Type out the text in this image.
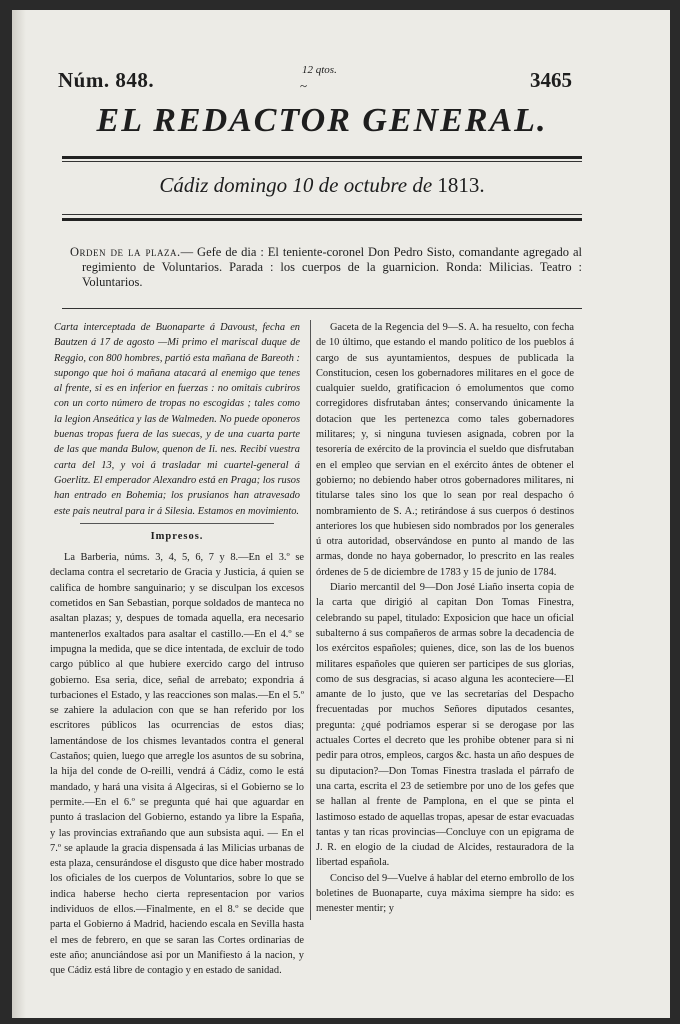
Núm. 848.	12 qtos.
~	3465
EL REDACTOR GENERAL.
Cádiz domingo 10 de octubre de 1813.
Orden de la plaza.— Gefe de dia : El teniente-coronel Don Pedro Sisto, comandante agregado al regimiento de Voluntarios. Parada : los cuerpos de la guarnicion. Ronda: Milicias. Teatro : Voluntarios.

Carta interceptada de Buonaparte á Davoust, fecha en Bautzen á 17 de agosto —Mi primo el mariscal duque de Reggio, con 800 hombres, partió esta mañana de Bareoth : supongo que hoi ó mañana atacará al enemigo que tenes al frente, si es en inferior en fuerzas : no omitais cubriros con un corto número de tropas no escogidas ; tales como la legion Anseática y las de Walmeden. No puede oponeros buenas tropas fuera de las suecas, y de una cuarta parte de las que manda Bulow, quenon de Ii. nes. Recibí vuestra carta del 13, y voi á trasladar mi cuartel-general á Goerlitz. El emperador Alexandro está en Praga; los rusos han entrado en Bohemia; los prusianos han atravesado este pais neutral para ir á Silesia. Estamos en movimiento.

Impresos.

La Barberia, núms. 3, 4, 5, 6, 7 y 8.—En el 3.º se declama contra el secretario de Gracia y Justicia, á quien se califica de hombre sanguinario; y se disculpan los excesos cometidos en San Sebastian, porque soldados de manteca no asaltan plazas; y, despues de tomada aquella, era necesario mantenerlos exaltados para asaltar el castillo.—En el 4.º se impugna la medida, que se dice intentada, de excluir de todo cargo público al que hubiere exercido cargo del intruso gobierno. Esa seria, dice, señal de arrebato; expondria á turbaciones el Estado, y las reacciones son malas.—En el 5.º se zahiere la adulacion con que se han referido por los escritores públicos las ocurrencias de estos dias; lamentándose de los chismes levantados contra el general Castaños; quien, luego que arregle los asuntos de su sobrina, la hija del conde de O-reilli, vendrá á Cádiz, como le está mandado, y hará una visita á Algeciras, si el Gobierno se lo permite.—En el 6.º se pregunta qué hai que aguardar en punto á traslacion del Gobierno, estando ya libre la España, y las provincias extrañando que aun subsista aqui. — En el 7.º se aplaude la gracia dispensada á las Milicias urbanas de esta plaza, censurándose el disgusto que dice haber mostrado los oficiales de los cuerpos de Voluntarios, sobre lo que se indica haberse hecho cierta representacion por varios individuos de ellos.—Finalmente, en el 8.º se decide que parta el Gobierno á Madrid, haciendo escala en Sevilla hasta el mes de febrero, en que se saran las Cortes ordinarias de este año; anunciándose asi por un Manifiesto á la nacion, y que Cádiz está libre de contagio y en estado de sanidad.

Gaceta de la Regencia del 9—S. A. ha resuelto, con fecha de 10 último, que estando el mando político de los pueblos á cargo de sus ayuntamientos, despues de publicada la Constitucion, cesen los gobernadores militares en el goce de cualquier sueldo, gratificacion ó emolumentos que como corregidores disfrutaban ántes; conservando únicamente la dotacion que les pertenezca como tales gobernadores militares; y, si ninguna tuviesen asignada, cobren por la tesorería de exército de la provincia el sueldo que disfrutaban en el empleo que servian en el exército ántes de obtener el gobierno; no debiendo haber otros gobernadores militares, ni titularse tales sino los que lo sean por real despacho ó nombramiento de S. A.; retirándose á sus cuerpos ó destinos anteriores los que hubiesen sido nombrados por los generales ú otra autoridad, observándose en punto al mando de las armas, donde no haya gobernador, lo prescrito en las reales órdenes de 5 de diciembre de 1783 y 15 de junio de 1784.

Diario mercantil del 9—Don José Liaño inserta copia de la carta que dirigió al capitan Don Tomas Finestra, celebrando su papel, titulado: Exposicion que hace un oficial subalterno á sus compañeros de armas sobre la decadencia de los exércitos españoles; quienes, dice, son las de los buenos militares españoles que quieren ser participes de sus glorias, como de sus desgracias, si acaso alguna les aconteciere—El amante de lo justo, que ve las secretarías del Despacho frecuentadas por muchos Señores diputados cesantes, pregunta: ¿qué podriamos esperar si se derogase por las actuales Cortes el decreto que les prohibe obtener para si ni pedir para otros, empleos, cargos &c. hasta un año despues de su diputacion?—Don Tomas Finestra traslada el párrafo de una carta, escrita el 23 de setiembre por uno de los gefes que se hallan al frente de Pamplona, en el que se pinta el lastimoso estado de aquellas tropas, apesar de estar evacuadas tantas y tan ricas provincias—Concluye con un epigrama de J. R. en elogio de la ciudad de Alcides, restauradora de la libertad española.

Conciso del 9—Vuelve á hablar del eterno embrollo de los boletines de Buonaparte, cuya máxima siempre ha sido: es menester mentir; y
